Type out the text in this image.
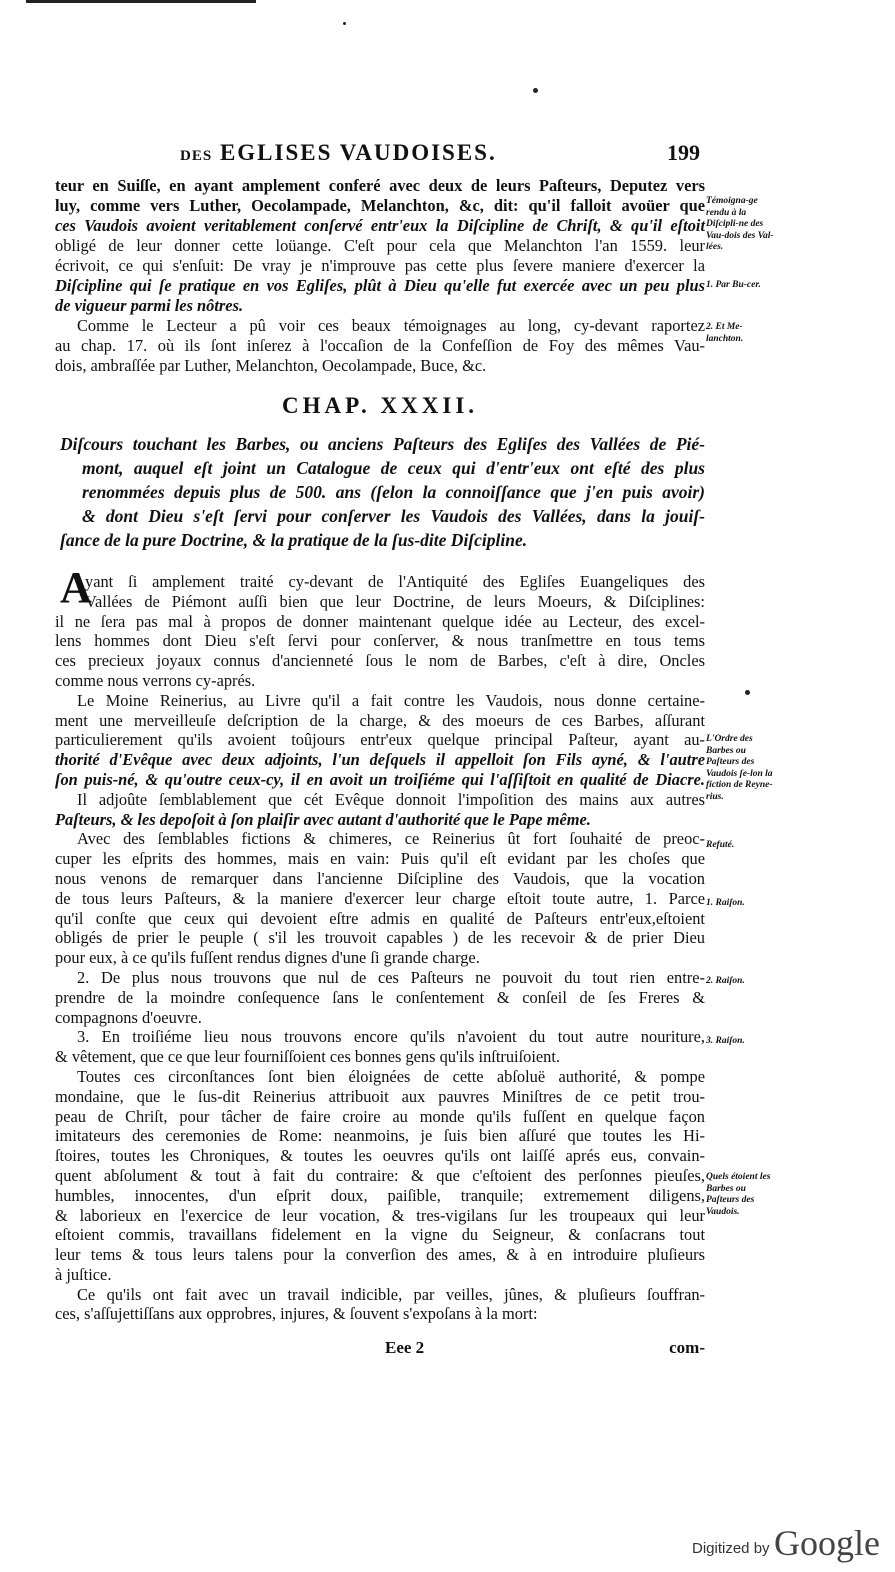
DES EGLISES VAUDOISES.	199
teur en Suiſſe, en ayant amplement conferé avec deux de leurs Paſteurs, Deputez vers
luy, comme vers Luther, Oecolampade, Melanchton, &c, dit: qu'il falloit avoüer que
ces Vaudois avoient veritablement conſervé entr'eux la Diſcipline de Chriſt, & qu'il eſtoit
obligé de leur donner cette loüange. C'eſt pour cela que Melanchton l'an 1559. leur
écrivoit, ce qui s'enſuit: De vray je n'improuve pas cette plus ſevere maniere d'exercer la
Diſcipline qui ſe pratique en vos Egliſes, plût à Dieu qu'elle fut exercée avec un peu plus
de vigueur parmi les nôtres.
Comme le Lecteur a pû voir ces beaux témoignages au long, cy-devant raportez
au chap. 17. où ils ſont inſerez à l'occaſion de la Confeſſion de Foy des mêmes Vau-
dois, ambraſſée par Luther, Melanchton, Oecolampade, Buce, &c.
CHAP. XXXII.
Diſcours touchant les Barbes, ou anciens Paſteurs des Egliſes des Vallées de Pié-
mont, auquel eſt joint un Catalogue de ceux qui d'entr'eux ont eſté des plus
renommées depuis plus de 500. ans (ſelon la connoiſſance que j'en puis avoir)
& dont Dieu s'eſt ſervi pour conſerver les Vaudois des Vallées, dans la jouiſ-
ſance de la pure Doctrine, & la pratique de la ſus-dite Diſcipline.
A
yant ſi amplement traité cy-devant de l'Antiquité des Egliſes Euangeliques des
Vallées de Piémont auſſi bien que leur Doctrine, de leurs Moeurs, & Diſciplines:
il ne ſera pas mal à propos de donner maintenant quelque idée au Lecteur, des excel-
lens hommes dont Dieu s'eſt ſervi pour conſerver, & nous tranſmettre en tous tems
ces precieux joyaux connus d'ancienneté ſous le nom de Barbes, c'eſt à dire, Oncles
comme nous verrons cy-aprés.
Le Moine Reinerius, au Livre qu'il a fait contre les Vaudois, nous donne certaine-
ment une merveilleuſe deſcription de la charge, & des moeurs de ces Barbes, aſſurant
particulierement qu'ils avoient toûjours entr'eux quelque principal Paſteur, ayant au-
thorité d'Evêque avec deux adjoints, l'un deſquels il appelloit ſon Fils ayné, & l'autre
ſon puis-né, & qu'outre ceux-cy, il en avoit un troiſiéme qui l'aſſiſtoit en qualité de Diacre.
Il adjoûte ſemblablement que cét Evêque donnoit l'impoſition des mains aux autres
Paſteurs, & les depoſoit à ſon plaiſir avec autant d'authorité que le Pape même.
Avec des ſemblables fictions & chimeres, ce Reinerius ût fort ſouhaité de preoc-
cuper les eſprits des hommes, mais en vain: Puis qu'il eſt evidant par les choſes que
nous venons de remarquer dans l'ancienne Diſcipline des Vaudois, que la vocation
de tous leurs Paſteurs, & la maniere d'exercer leur charge eſtoit toute autre, 1. Parce
qu'il conſte que ceux qui devoient eſtre admis en qualité de Paſteurs entr'eux,eſtoient
obligés de prier le peuple ( s'il les trouvoit capables ) de les recevoir & de prier Dieu
pour eux, à ce qu'ils fuſſent rendus dignes d'une ſi grande charge.
2. De plus nous trouvons que nul de ces Paſteurs ne pouvoit du tout rien entre-
prendre de la moindre conſequence ſans le conſentement & conſeil de ſes Freres &
compagnons d'oeuvre.
3. En troiſiéme lieu nous trouvons encore qu'ils n'avoient du tout autre nouriture,
& vêtement, que ce que leur fourniſſoient ces bonnes gens qu'ils inſtruiſoient.
Toutes ces circonſtances ſont bien éloignées de cette abſoluë authorité, & pompe
mondaine, que le ſus-dit Reinerius attribuoit aux pauvres Miniſtres de ce petit trou-
peau de Chriſt, pour tâcher de faire croire au monde qu'ils fuſſent en quelque façon
imitateurs des ceremonies de Rome: neanmoins, je ſuis bien aſſuré que toutes les Hi-
ſtoires, toutes les Chroniques, & toutes les oeuvres qu'ils ont laiſſé aprés eus, convain-
quent abſolument & tout à fait du contraire: & que c'eſtoient des perſonnes pieuſes,
humbles, innocentes, d'un eſprit doux, paiſible, tranquile; extremement diligens,
& laborieux en l'exercice de leur vocation, & tres-vigilans ſur les troupeaux qui leur
eſtoient commis, travaillans fidelement en la vigne du Seigneur, & conſacrans tout
leur tems & tous leurs talens pour la converſion des ames, & à en introduire pluſieurs
à juſtice.
Ce qu'ils ont fait avec un travail indicible, par veilles, jûnes, & pluſieurs ſouffran-
ces, s'aſſujettiſſans aux opprobres, injures, & ſouvent s'expoſans à la mort:
Témoigna-ge rendu à la Diſcipli-ne des Vau-dois des Val-lées.
1. Par Bu-cer.
2. Et Me-lanchton.
L'Ordre des Barbes ou Paſteurs des Vaudois ſe-lon la fiction de Reyne-rius.
Refuté.
1. Raiſon.
2. Raiſon.
3. Raiſon.
Quels étoient les Barbes ou Paſteurs des Vaudois.
Eee 2	com-
Digitized by Google
